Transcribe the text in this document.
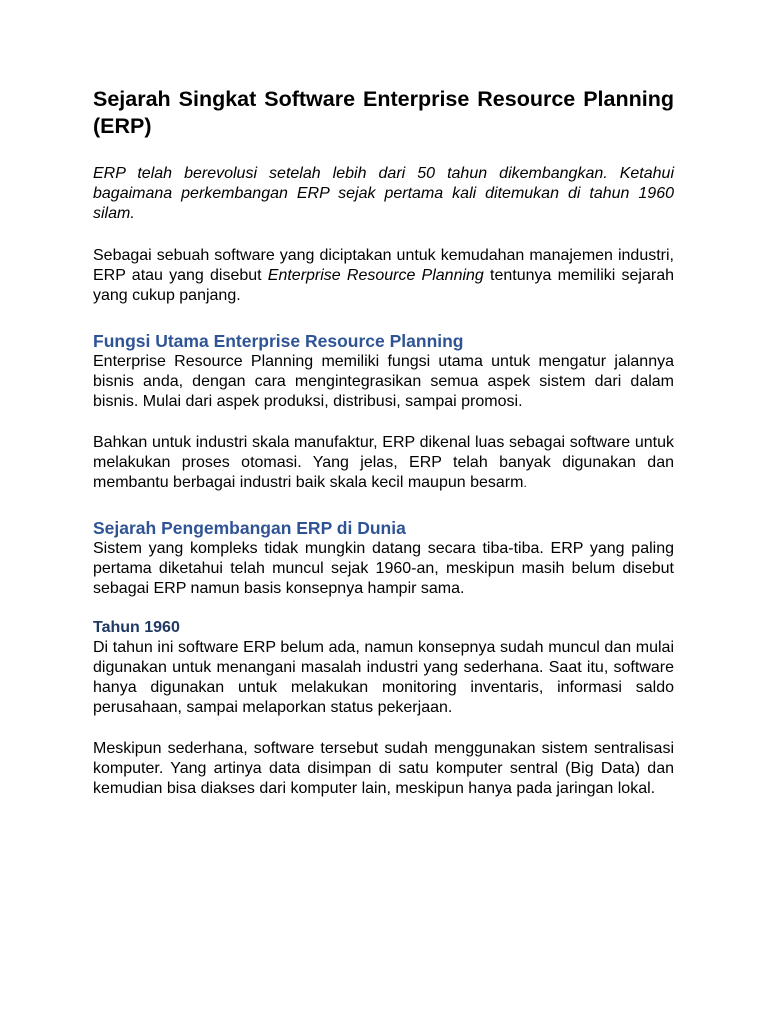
Sejarah Singkat Software Enterprise Resource Planning (ERP)

ERP telah berevolusi setelah lebih dari 50 tahun dikembangkan. Ketahui bagaimana perkembangan ERP sejak pertama kali ditemukan di tahun 1960 silam.

Sebagai sebuah software yang diciptakan untuk kemudahan manajemen industri, ERP atau yang disebut Enterprise Resource Planning tentunya memiliki sejarah yang cukup panjang.

Fungsi Utama Enterprise Resource Planning

Enterprise Resource Planning memiliki fungsi utama untuk mengatur jalannya bisnis anda, dengan cara mengintegrasikan semua aspek sistem dari dalam bisnis. Mulai dari aspek produksi, distribusi, sampai promosi.

Bahkan untuk industri skala manufaktur, ERP dikenal luas sebagai software untuk melakukan proses otomasi. Yang jelas, ERP telah banyak digunakan dan membantu berbagai industri baik skala kecil maupun besarm.

Sejarah Pengembangan ERP di Dunia

Sistem yang kompleks tidak mungkin datang secara tiba-tiba. ERP yang paling pertama diketahui telah muncul sejak 1960-an, meskipun masih belum disebut sebagai ERP namun basis konsepnya hampir sama.

Tahun 1960

Di tahun ini software ERP belum ada, namun konsepnya sudah muncul dan mulai digunakan untuk menangani masalah industri yang sederhana. Saat itu, software hanya digunakan untuk melakukan monitoring inventaris, informasi saldo perusahaan, sampai melaporkan status pekerjaan.

Meskipun sederhana, software tersebut sudah menggunakan sistem sentralisasi komputer. Yang artinya data disimpan di satu komputer sentral (Big Data) dan kemudian bisa diakses dari komputer lain, meskipun hanya pada jaringan lokal.
